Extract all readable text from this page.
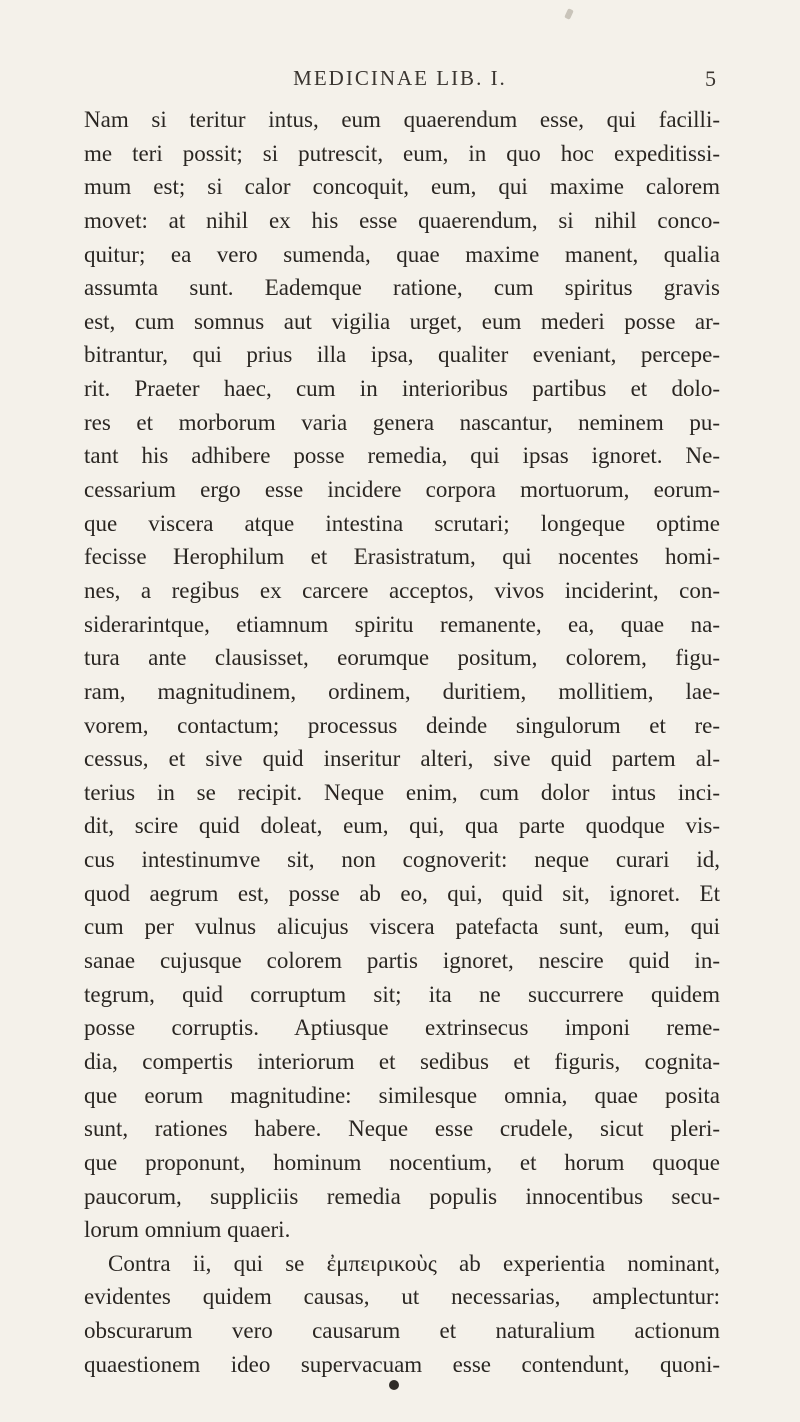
MEDICINAE LIB. I.	5
Nam si teritur intus, eum quaerendum esse, qui facilli-
me teri possit; si putrescit, eum, in quo hoc expeditissi-
mum est; si calor concoquit, eum, qui maxime calorem
movet: at nihil ex his esse quaerendum, si nihil conco-
quitur; ea vero sumenda, quae maxime manent, qualia
assumta sunt. Eademque ratione, cum spiritus gravis
est, cum somnus aut vigilia urget, eum mederi posse ar-
bitrantur, qui prius illa ipsa, qualiter eveniant, percepe-
rit. Praeter haec, cum in interioribus partibus et dolo-
res et morborum varia genera nascantur, neminem pu-
tant his adhibere posse remedia, qui ipsas ignoret. Ne-
cessarium ergo esse incidere corpora mortuorum, eorum-
que viscera atque intestina scrutari; longeque optime
fecisse Herophilum et Erasistratum, qui nocentes homi-
nes, a regibus ex carcere acceptos, vivos inciderint, con-
siderarintque, etiamnum spiritu remanente, ea, quae na-
tura ante clausisset, eorumque positum, colorem, figu-
ram, magnitudinem, ordinem, duritiem, mollitiem, lae-
vorem, contactum; processus deinde singulorum et re-
cessus, et sive quid inseritur alteri, sive quid partem al-
terius in se recipit. Neque enim, cum dolor intus inci-
dit, scire quid doleat, eum, qui, qua parte quodque vis-
cus intestinumve sit, non cognoverit: neque curari id,
quod aegrum est, posse ab eo, qui, quid sit, ignoret. Et
cum per vulnus alicujus viscera patefacta sunt, eum, qui
sanae cujusque colorem partis ignoret, nescire quid in-
tegrum, quid corruptum sit; ita ne succurrere quidem
posse corruptis. Aptiusque extrinsecus imponi reme-
dia, compertis interiorum et sedibus et figuris, cognita-
que eorum magnitudine: similesque omnia, quae posita
sunt, rationes habere. Neque esse crudele, sicut pleri-
que proponunt, hominum nocentium, et horum quoque
paucorum, suppliciis remedia populis innocentibus secu-
lorum omnium quaeri.
Contra ii, qui se ἐμπειρικοὺς ab experientia nominant,
evidentes quidem causas, ut necessarias, amplectuntur:
obscurarum vero causarum et naturalium actionum
quaestionem ideo supervacuam esse contendunt, quoni-
